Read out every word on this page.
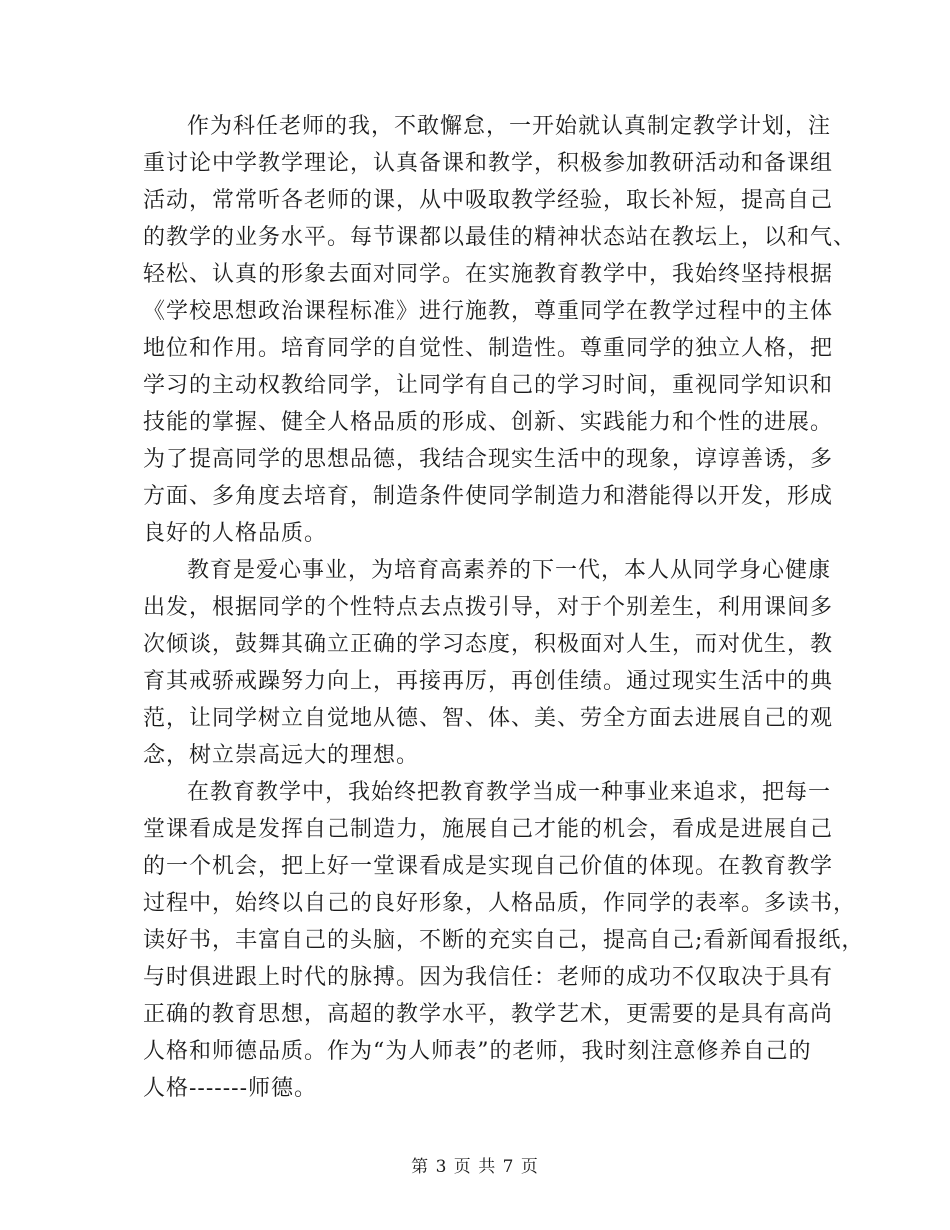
作为科任老师的我，不敢懈怠，一开始就认真制定教学计划，注
重讨论中学教学理论，认真备课和教学，积极参加教研活动和备课组
活动，常常听各老师的课，从中吸取教学经验，取长补短，提高自己
的教学的业务水平。每节课都以最佳的精神状态站在教坛上，以和气、
轻松、认真的形象去面对同学。在实施教育教学中，我始终坚持根据
《学校思想政治课程标准》进行施教，尊重同学在教学过程中的主体
地位和作用。培育同学的自觉性、制造性。尊重同学的独立人格，把
学习的主动权教给同学，让同学有自己的学习时间，重视同学知识和
技能的掌握、健全人格品质的形成、创新、实践能力和个性的进展。
为了提高同学的思想品德，我结合现实生活中的现象，谆谆善诱，多
方面、多角度去培育，制造条件使同学制造力和潜能得以开发，形成
良好的人格品质。
教育是爱心事业，为培育高素养的下一代，本人从同学身心健康
出发，根据同学的个性特点去点拨引导，对于个别差生，利用课间多
次倾谈，鼓舞其确立正确的学习态度，积极面对人生，而对优生，教
育其戒骄戒躁努力向上，再接再厉，再创佳绩。通过现实生活中的典
范，让同学树立自觉地从德、智、体、美、劳全方面去进展自己的观
念，树立崇高远大的理想。
在教育教学中，我始终把教育教学当成一种事业来追求，把每一
堂课看成是发挥自己制造力，施展自己才能的机会，看成是进展自己
的一个机会，把上好一堂课看成是实现自己价值的体现。在教育教学
过程中，始终以自己的良好形象，人格品质，作同学的表率。多读书，
读好书，丰富自己的头脑，不断的充实自己，提高自己;看新闻看报纸，
与时俱进跟上时代的脉搏。因为我信任：老师的成功不仅取决于具有
正确的教育思想，高超的教学水平，教学艺术，更需要的是具有高尚
人格和师德品质。作为“为人师表”的老师，我时刻注意修养自己的
人格-------师德。
第 3 页 共 7 页
